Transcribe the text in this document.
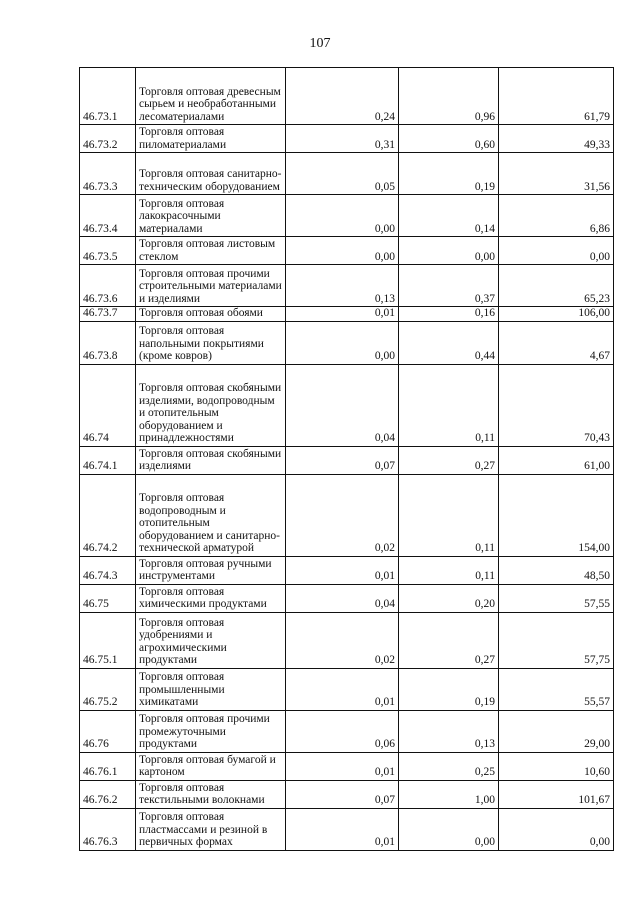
107
46.73.1	Торговля оптовая древесным сырьем и необработанными лесоматериалами	0,24	0,96	61,79
46.73.2	Торговля оптовая пиломатериалами	0,31	0,60	49,33
46.73.3	Торговля оптовая санитарно-техническим оборудованием	0,05	0,19	31,56
46.73.4	Торговля оптовая лакокрасочными материалами	0,00	0,14	6,86
46.73.5	Торговля оптовая листовым стеклом	0,00	0,00	0,00
46.73.6	Торговля оптовая прочими строительными материалами и изделиями	0,13	0,37	65,23
46.73.7	Торговля оптовая обоями	0,01	0,16	106,00
46.73.8	Торговля оптовая напольными покрытиями (кроме ковров)	0,00	0,44	4,67
46.74	Торговля оптовая скобяными изделиями, водопроводным и отопительным оборудованием и принадлежностями	0,04	0,11	70,43
46.74.1	Торговля оптовая скобяными изделиями	0,07	0,27	61,00
46.74.2	Торговля оптовая водопроводным и отопительным оборудованием и санитарно-технической арматурой	0,02	0,11	154,00
46.74.3	Торговля оптовая ручными инструментами	0,01	0,11	48,50
46.75	Торговля оптовая химическими продуктами	0,04	0,20	57,55
46.75.1	Торговля оптовая удобрениями и агрохимическими продуктами	0,02	0,27	57,75
46.75.2	Торговля оптовая промышленными химикатами	0,01	0,19	55,57
46.76	Торговля оптовая прочими промежуточными продуктами	0,06	0,13	29,00
46.76.1	Торговля оптовая бумагой и картоном	0,01	0,25	10,60
46.76.2	Торговля оптовая текстильными волокнами	0,07	1,00	101,67
46.76.3	Торговля оптовая пластмассами и резиной в первичных формах	0,01	0,00	0,00
